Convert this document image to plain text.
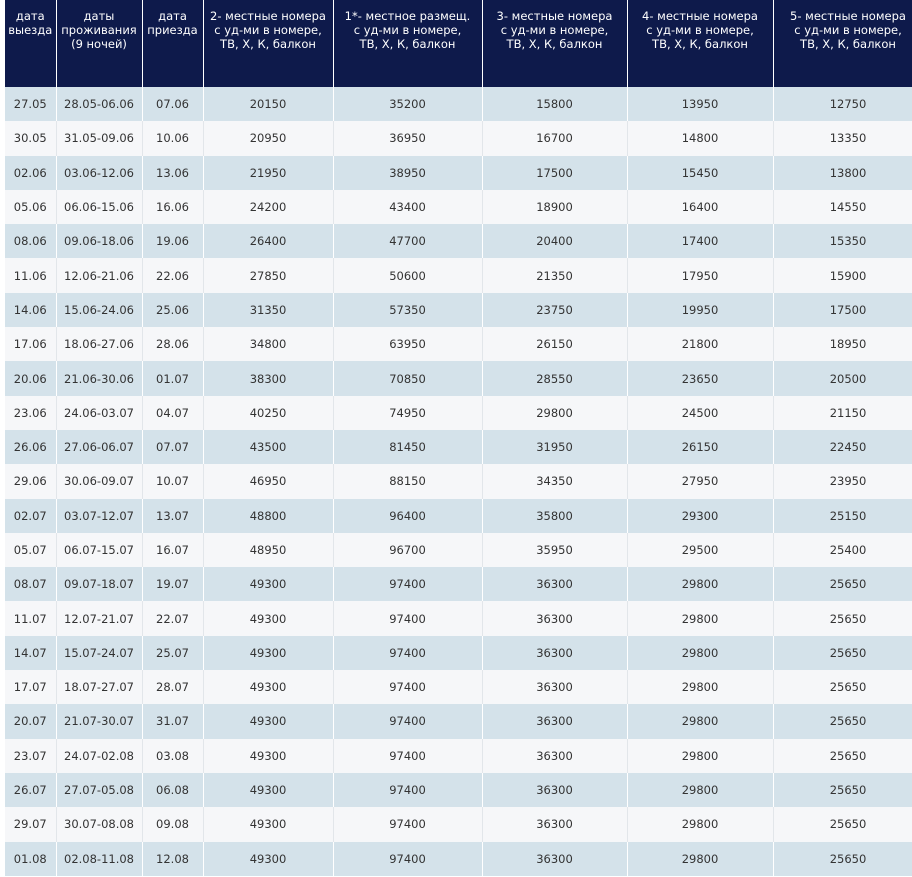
дата
выезда	даты
проживания
(9 ночей)	дата
приезда	2- местные номера
с уд-ми в номере,
ТВ, Х, К, балкон	1*- местное размещ.
с уд-ми в номере,
ТВ, Х, К, балкон	3- местные номера
с уд-ми в номере,
ТВ, Х, К, балкон	4- местные номера
с уд-ми в номере,
ТВ, Х, К, балкон	5- местные номера
с уд-ми в номере,
ТВ, Х, К, балкон
27.05	28.05-06.06	07.06	20150	35200	15800	13950	12750
30.05	31.05-09.06	10.06	20950	36950	16700	14800	13350
02.06	03.06-12.06	13.06	21950	38950	17500	15450	13800
05.06	06.06-15.06	16.06	24200	43400	18900	16400	14550
08.06	09.06-18.06	19.06	26400	47700	20400	17400	15350
11.06	12.06-21.06	22.06	27850	50600	21350	17950	15900
14.06	15.06-24.06	25.06	31350	57350	23750	19950	17500
17.06	18.06-27.06	28.06	34800	63950	26150	21800	18950
20.06	21.06-30.06	01.07	38300	70850	28550	23650	20500
23.06	24.06-03.07	04.07	40250	74950	29800	24500	21150
26.06	27.06-06.07	07.07	43500	81450	31950	26150	22450
29.06	30.06-09.07	10.07	46950	88150	34350	27950	23950
02.07	03.07-12.07	13.07	48800	96400	35800	29300	25150
05.07	06.07-15.07	16.07	48950	96700	35950	29500	25400
08.07	09.07-18.07	19.07	49300	97400	36300	29800	25650
11.07	12.07-21.07	22.07	49300	97400	36300	29800	25650
14.07	15.07-24.07	25.07	49300	97400	36300	29800	25650
17.07	18.07-27.07	28.07	49300	97400	36300	29800	25650
20.07	21.07-30.07	31.07	49300	97400	36300	29800	25650
23.07	24.07-02.08	03.08	49300	97400	36300	29800	25650
26.07	27.07-05.08	06.08	49300	97400	36300	29800	25650
29.07	30.07-08.08	09.08	49300	97400	36300	29800	25650
01.08	02.08-11.08	12.08	49300	97400	36300	29800	25650
